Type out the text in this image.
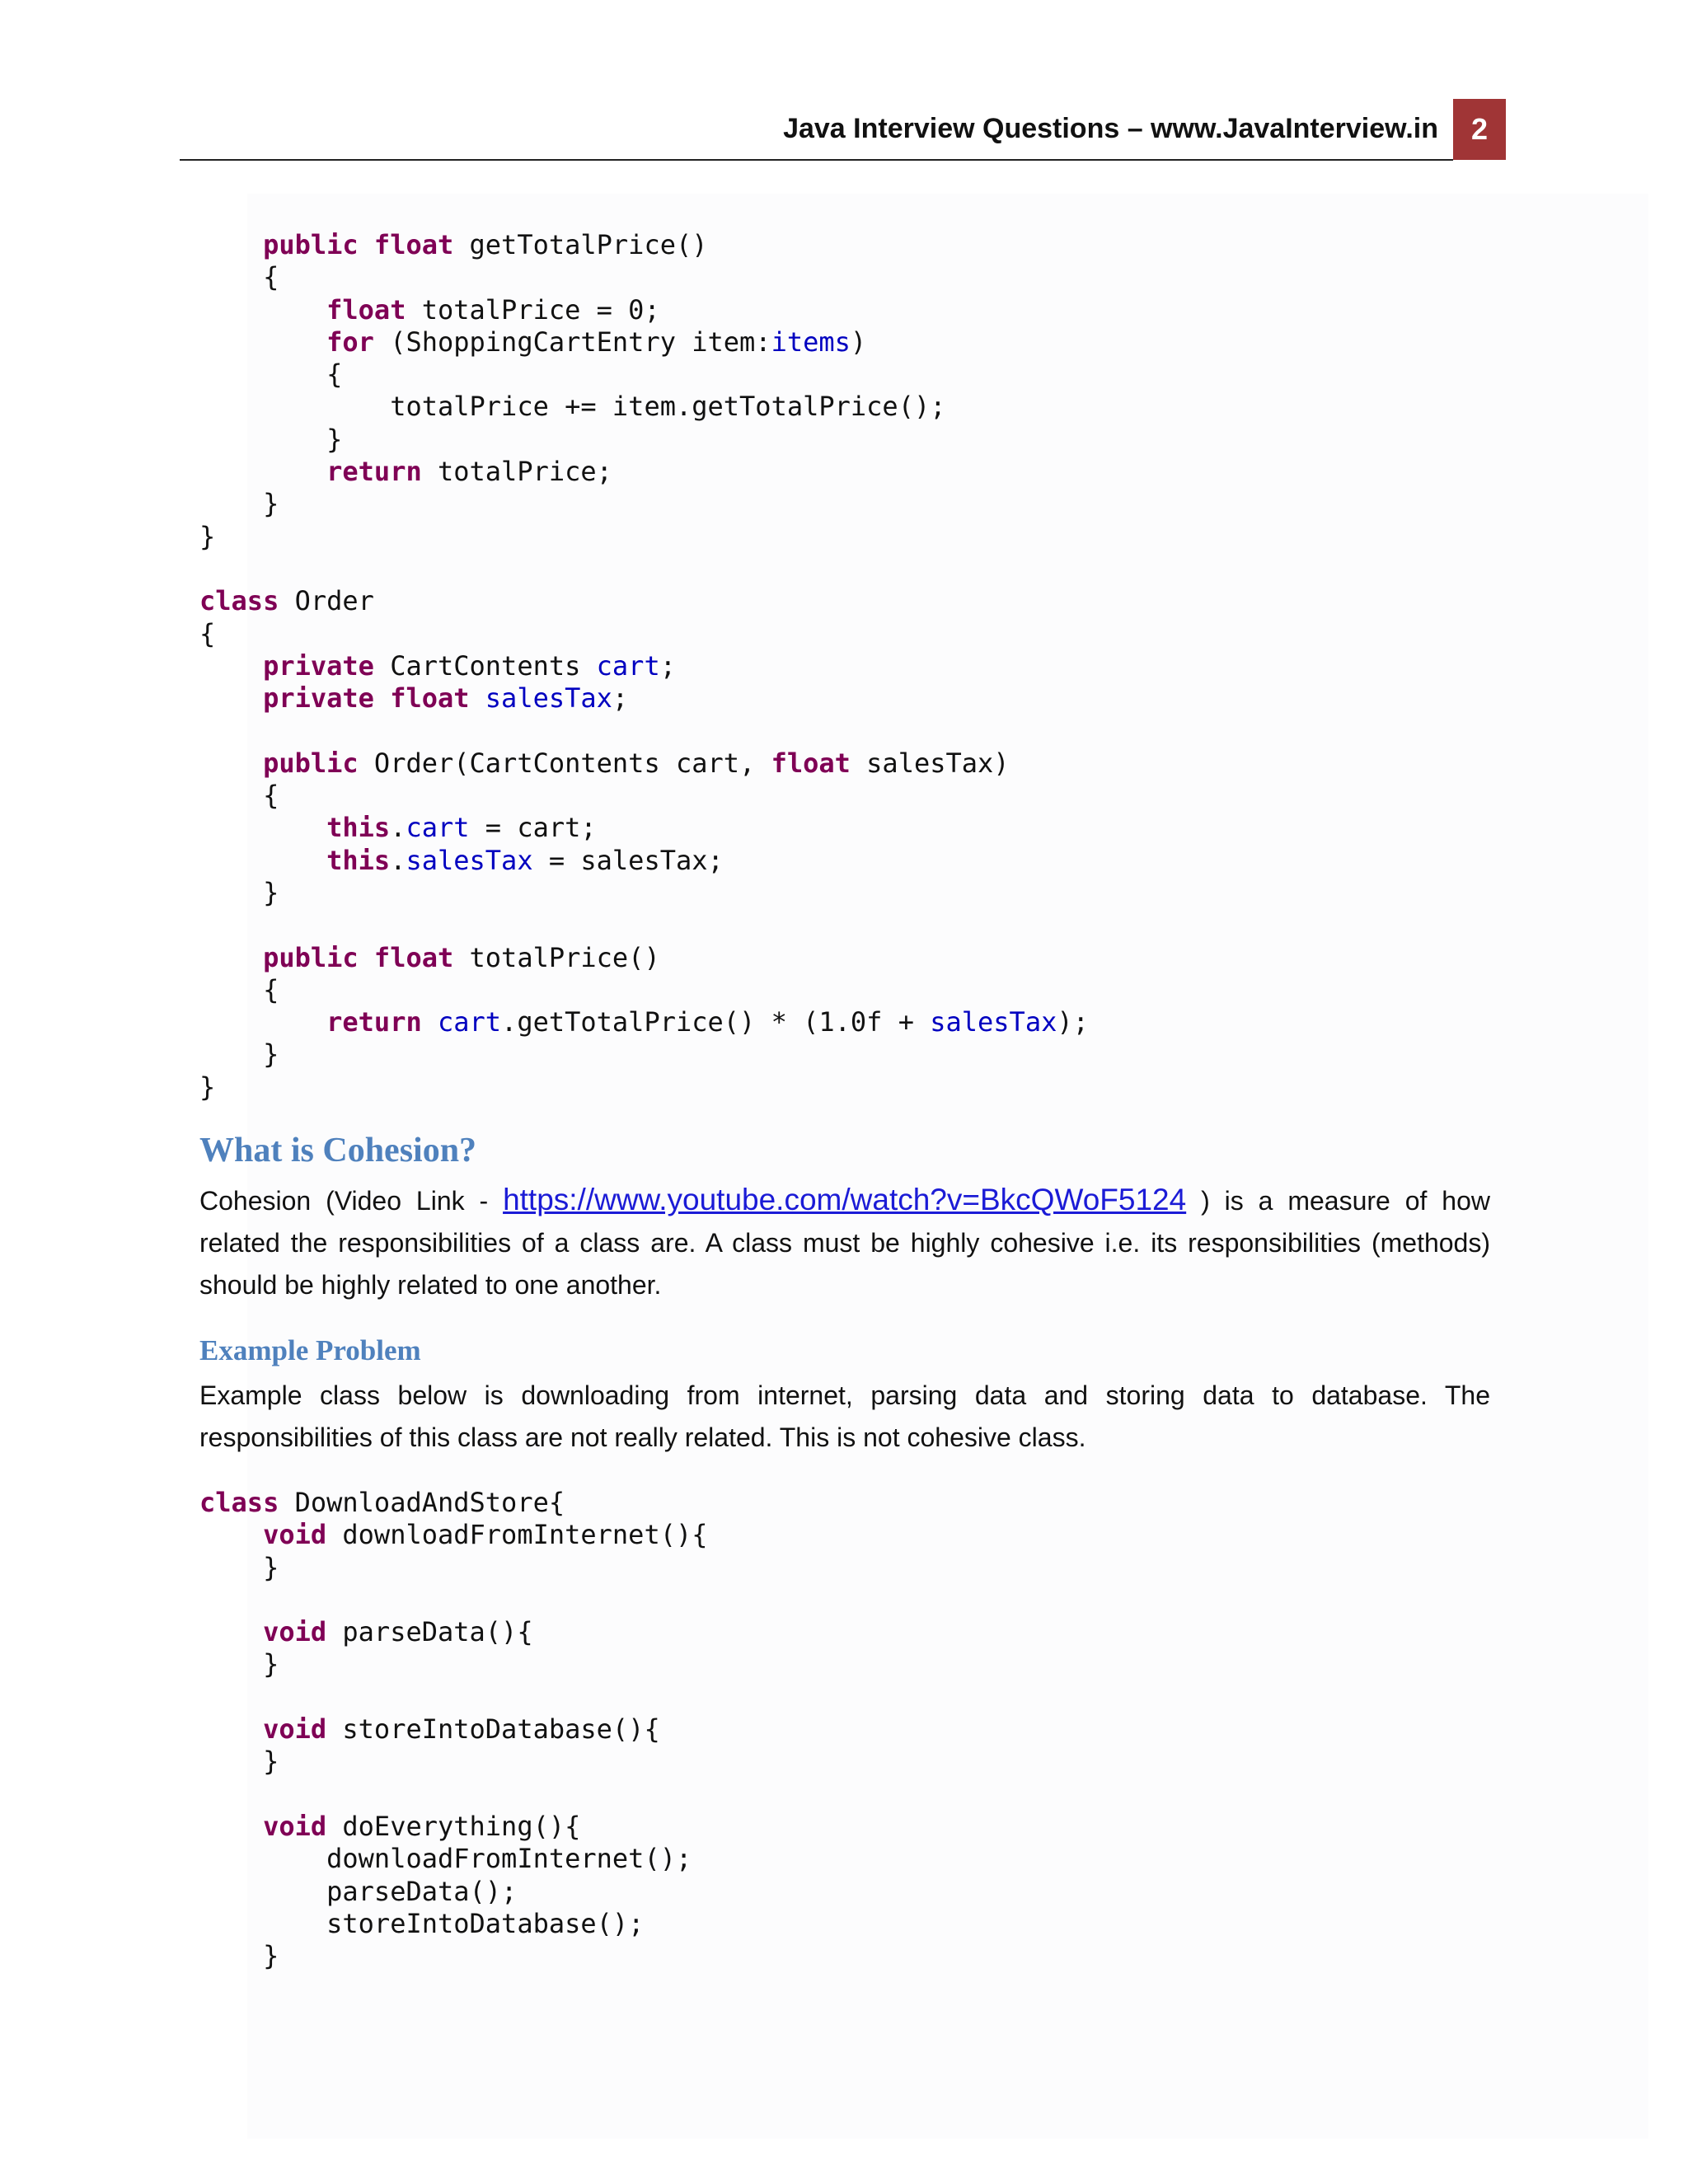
Java Interview Questions – www.JavaInterview.in	2
public float getTotalPrice()
{
float totalPrice = 0;
for (ShoppingCartEntry item:items)
{
totalPrice += item.getTotalPrice();
}
return totalPrice;
}
}
class Order
{
private CartContents cart;
private float salesTax;
public Order(CartContents cart, float salesTax)
{
this.cart = cart;
this.salesTax = salesTax;
}
public float totalPrice()
{
return cart.getTotalPrice() * (1.0f + salesTax);
}
}
What is Cohesion?
Cohesion (Video Link - https://www.youtube.com/watch?v=BkcQWoF5124 ) is a measure of how related the responsibilities of a class are. A class must be highly cohesive i.e. its responsibilities (methods) should be highly related to one another.
Example Problem
Example class below is downloading from internet, parsing data and storing data to database. The responsibilities of this class are not really related. This is not cohesive class.
class DownloadAndStore{
void downloadFromInternet(){
}
void parseData(){
}
void storeIntoDatabase(){
}
void doEverything(){
downloadFromInternet();
parseData();
storeIntoDatabase();
}
